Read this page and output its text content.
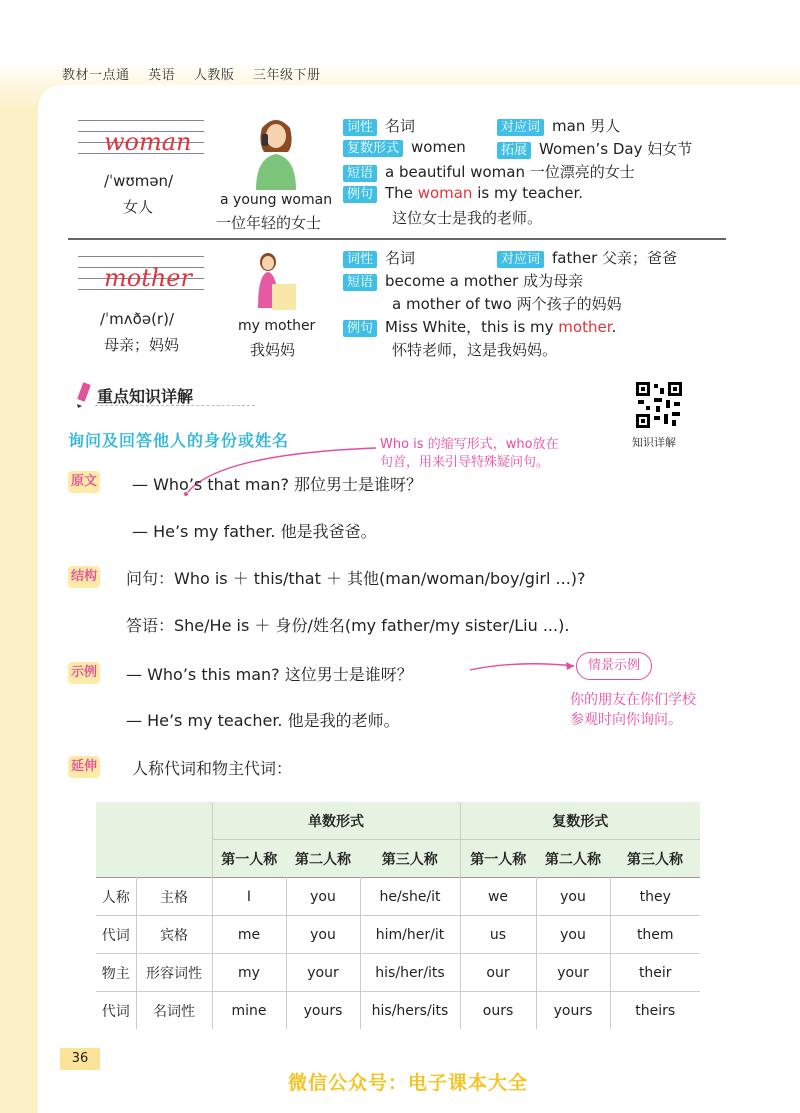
教材一点通 英语 人教版 三年级下册
woman
/ˈwʊmən/
女人	a young woman
一位年轻的女士
词性 名词	对应词 man 男人
复数形式 women	拓展 Women’s Day 妇女节
短语 a beautiful woman 一位漂亮的女士
例句 The woman is my teacher.
这位女士是我的老师。
mother
/ˈmʌðə(r)/
母亲；妈妈
my mother
我妈妈
词性 名词	对应词 father 父亲；爸爸
短语 become a mother 成为母亲
a mother of two 两个孩子的妈妈
例句 Miss White，this is my mother.
怀特老师，这是我妈妈。
重点知识详解
知识详解
询问及回答他人的身份或姓名	Who is 的缩写形式，who放在
句首，用来引导特殊疑问句。
原文 — Who’s that man? 那位男士是谁呀？
— He’s my father. 他是我爸爸。
结构 问句：Who is ＋ this/that ＋ 其他(man/woman/boy/girl ...)?
答语：She/He is ＋ 身份/姓名(my father/my sister/Liu ...).
示例 — Who’s this man? 这位男士是谁呀？
— He’s my teacher. 他是我的老师。
情景示例
你的朋友在你们学校
参观时向你询问。
延伸 人称代词和物主代词：
		单数形式			复数形式		
		第一人称	第二人称	第三人称	第一人称	第二人称	第三人称
人称	主格	I	you	he/she/it	we	you	they
代词	宾格	me	you	him/her/it	us	you	them
物主	形容词性	my	your	his/her/its	our	your	their
代词	名词性	mine	yours	his/hers/its	ours	yours	theirs
36
微信公众号：电子课本大全
